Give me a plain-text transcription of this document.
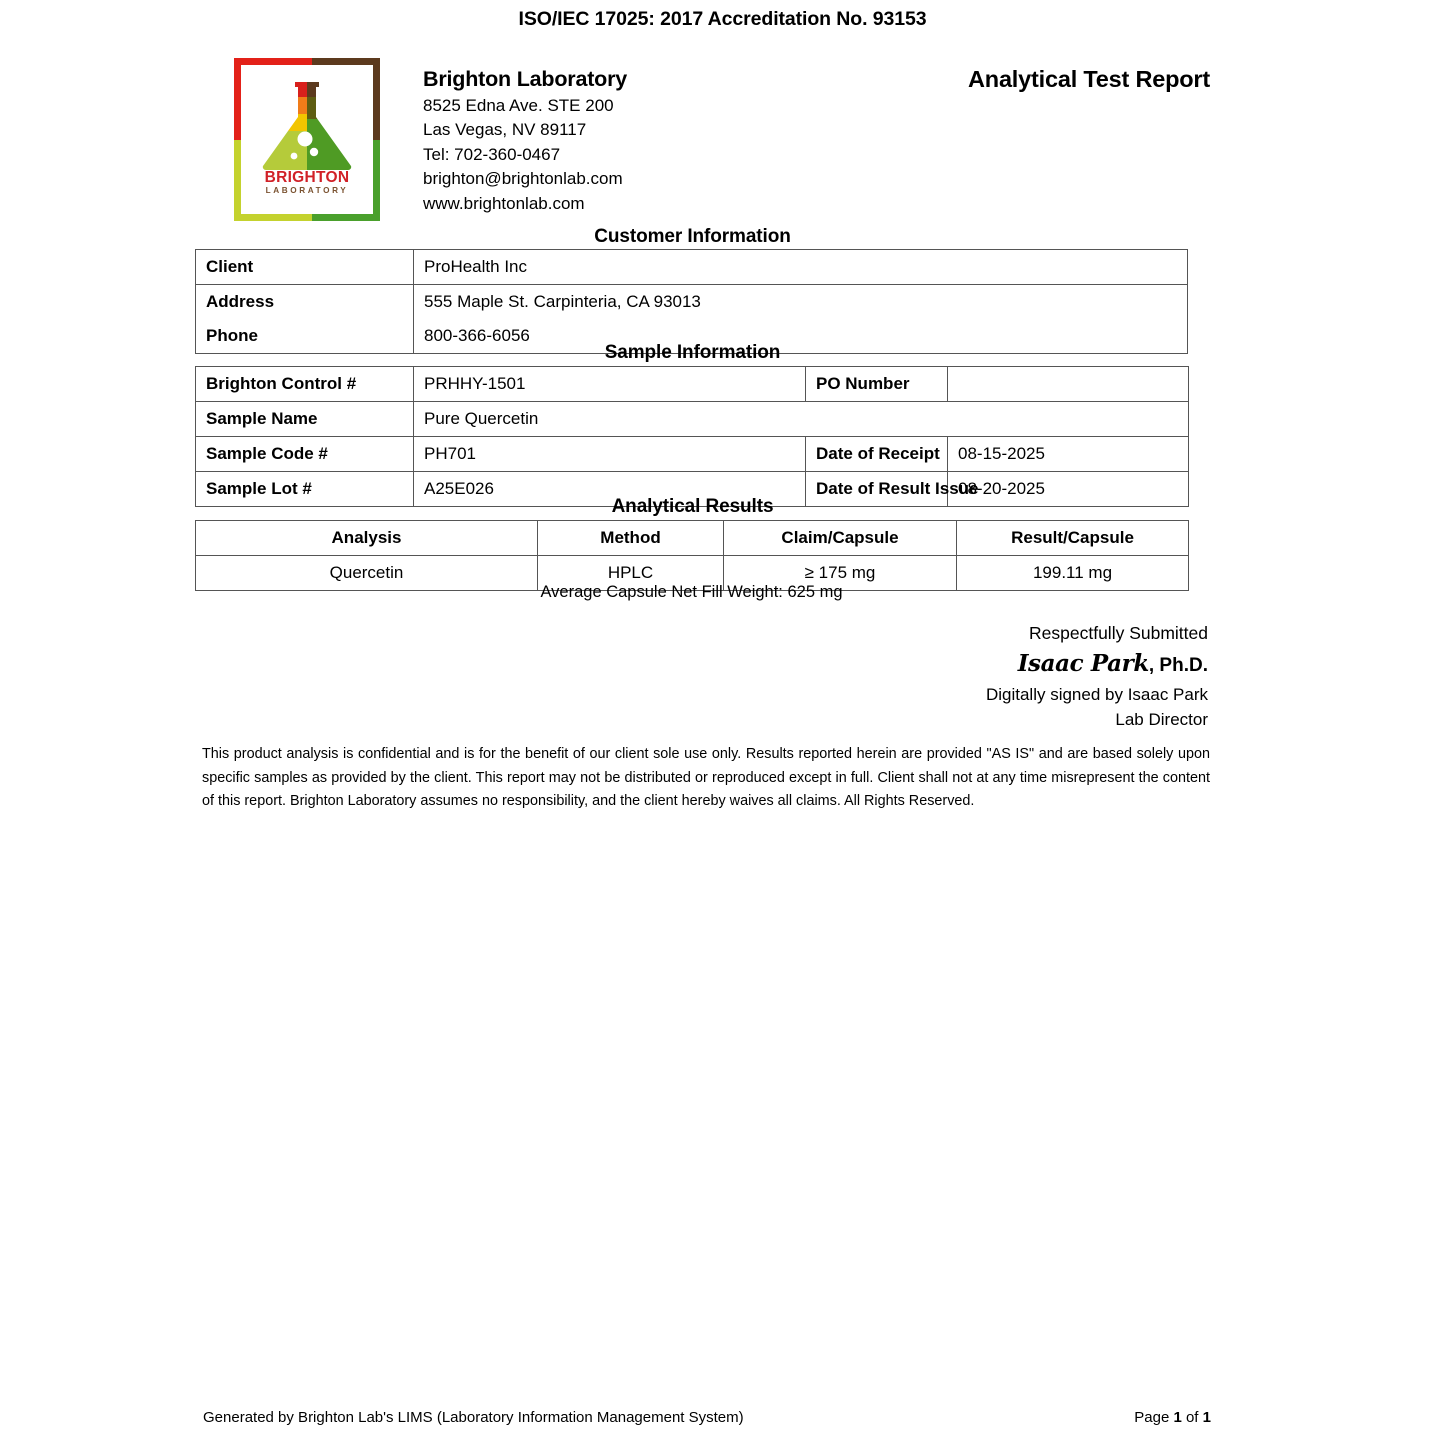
ISO/IEC 17025: 2017 Accreditation No. 93153
BRIGHTON
LABORATORY
Brighton Laboratory
8525 Edna Ave. STE 200
Las Vegas, NV 89117
Tel: 702-360-0467
brighton@brightonlab.com
www.brightonlab.com
Analytical Test Report
Customer Information
Client	ProHealth Inc
Address	555 Maple St. Carpinteria, CA 93013
Phone	800-366-6056
Sample Information
Brighton Control #	PRHHY-1501	PO Number	
Sample Name	Pure Quercetin		
Sample Code #	PH701	Date of Receipt	08-15-2025
Sample Lot #	A25E026	Date of Result Issue	08-20-2025
Analytical Results
Analysis	Method	Claim/Capsule	Result/Capsule
Quercetin	HPLC	≥ 175 mg	199.11 mg
Average Capsule Net Fill Weight: 625 mg
Respectfully Submitted
Isaac Park, Ph.D.
Digitally signed by Isaac Park
Lab Director
This product analysis is confidential and is for the benefit of our client sole use only. Results reported herein are provided "AS IS" and are based solely upon specific samples as provided by the client. This report may not be distributed or reproduced except in full. Client shall not at any time misrepresent the content of this report. Brighton Laboratory assumes no responsibility, and the client hereby waives all claims. All Rights Reserved.
Generated by Brighton Lab's LIMS (Laboratory Information Management System)	Page 1 of 1
